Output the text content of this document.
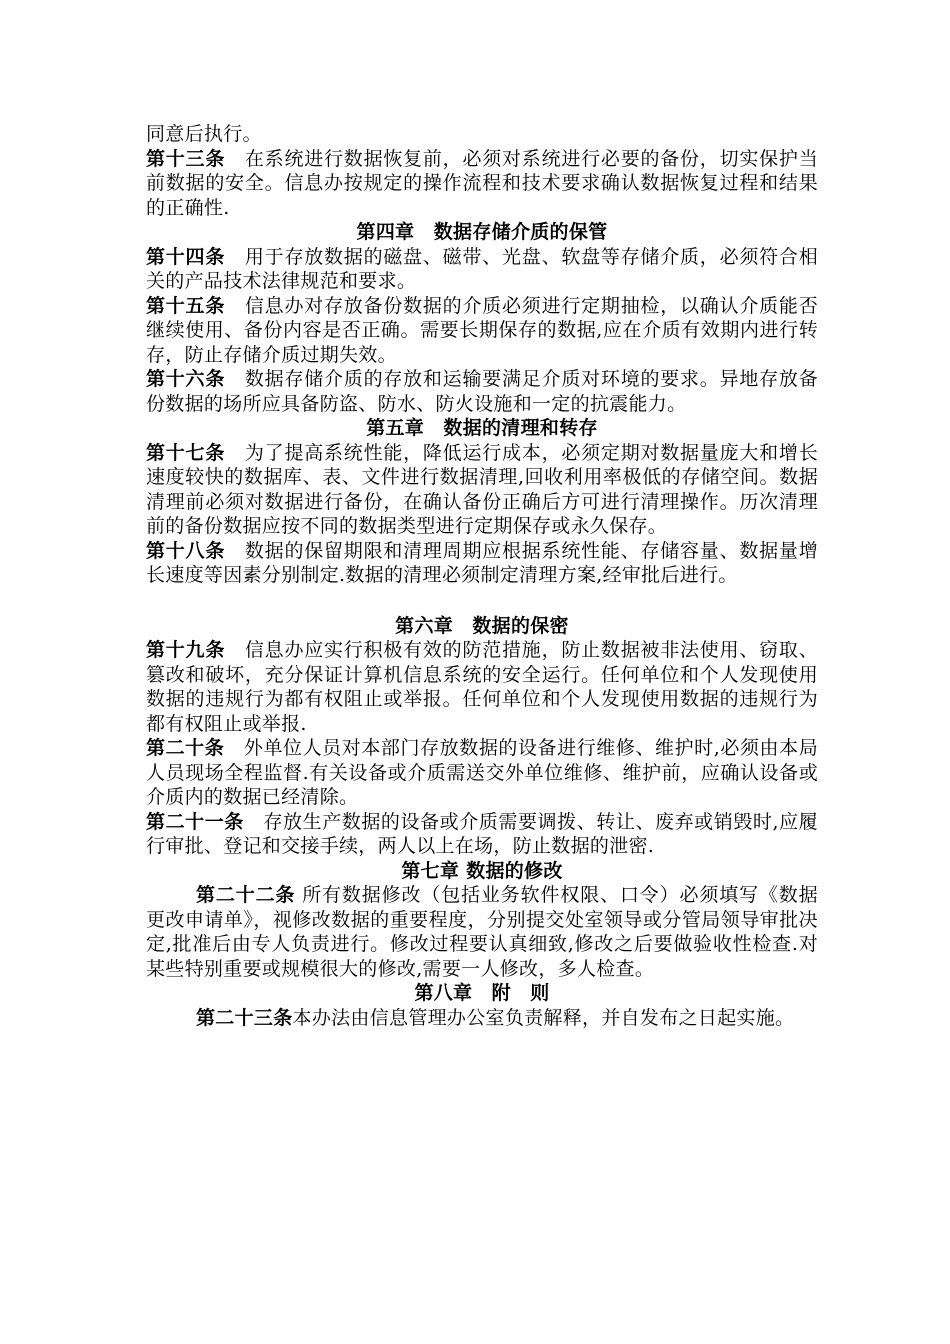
同意后执行。

第十三条　在系统进行数据恢复前，必须对系统进行必要的备份，切实保护当前数据的安全。信息办按规定的操作流程和技术要求确认数据恢复过程和结果的正确性.

第四章　数据存储介质的保管

第十四条　用于存放数据的磁盘、磁带、光盘、软盘等存储介质，必须符合相关的产品技术法律规范和要求。

第十五条　信息办对存放备份数据的介质必须进行定期抽检，以确认介质能否继续使用、备份内容是否正确。需要长期保存的数据,应在介质有效期内进行转存，防止存储介质过期失效。

第十六条　数据存储介质的存放和运输要满足介质对环境的要求。异地存放备份数据的场所应具备防盗、防水、防火设施和一定的抗震能力。

第五章　数据的清理和转存

第十七条　为了提高系统性能，降低运行成本，必须定期对数据量庞大和增长速度较快的数据库、表、文件进行数据清理,回收利用率极低的存储空间。数据清理前必须对数据进行备份，在确认备份正确后方可进行清理操作。历次清理前的备份数据应按不同的数据类型进行定期保存或永久保存。

第十八条　数据的保留期限和清理周期应根据系统性能、存储容量、数据量增长速度等因素分别制定.数据的清理必须制定清理方案,经审批后进行。

第六章　数据的保密

第十九条　信息办应实行积极有效的防范措施，防止数据被非法使用、窃取、篡改和破坏，充分保证计算机信息系统的安全运行。任何单位和个人发现使用数据的违规行为都有权阻止或举报。任何单位和个人发现使用数据的违规行为都有权阻止或举报.

第二十条　外单位人员对本部门存放数据的设备进行维修、维护时,必须由本局人员现场全程监督.有关设备或介质需送交外单位维修、维护前，应确认设备或介质内的数据已经清除。

第二十一条　存放生产数据的设备或介质需要调拨、转让、废弃或销毁时,应履行审批、登记和交接手续，两人以上在场，防止数据的泄密.

第七章 数据的修改

第二十二条 所有数据修改（包括业务软件权限、口令）必须填写《数据更改申请单》，视修改数据的重要程度，分别提交处室领导或分管局领导审批决定,批准后由专人负责进行。修改过程要认真细致,修改之后要做验收性检查.对某些特别重要或规模很大的修改,需要一人修改，多人检查。

第八章　附　则

第二十三条本办法由信息管理办公室负责解释，并自发布之日起实施。
